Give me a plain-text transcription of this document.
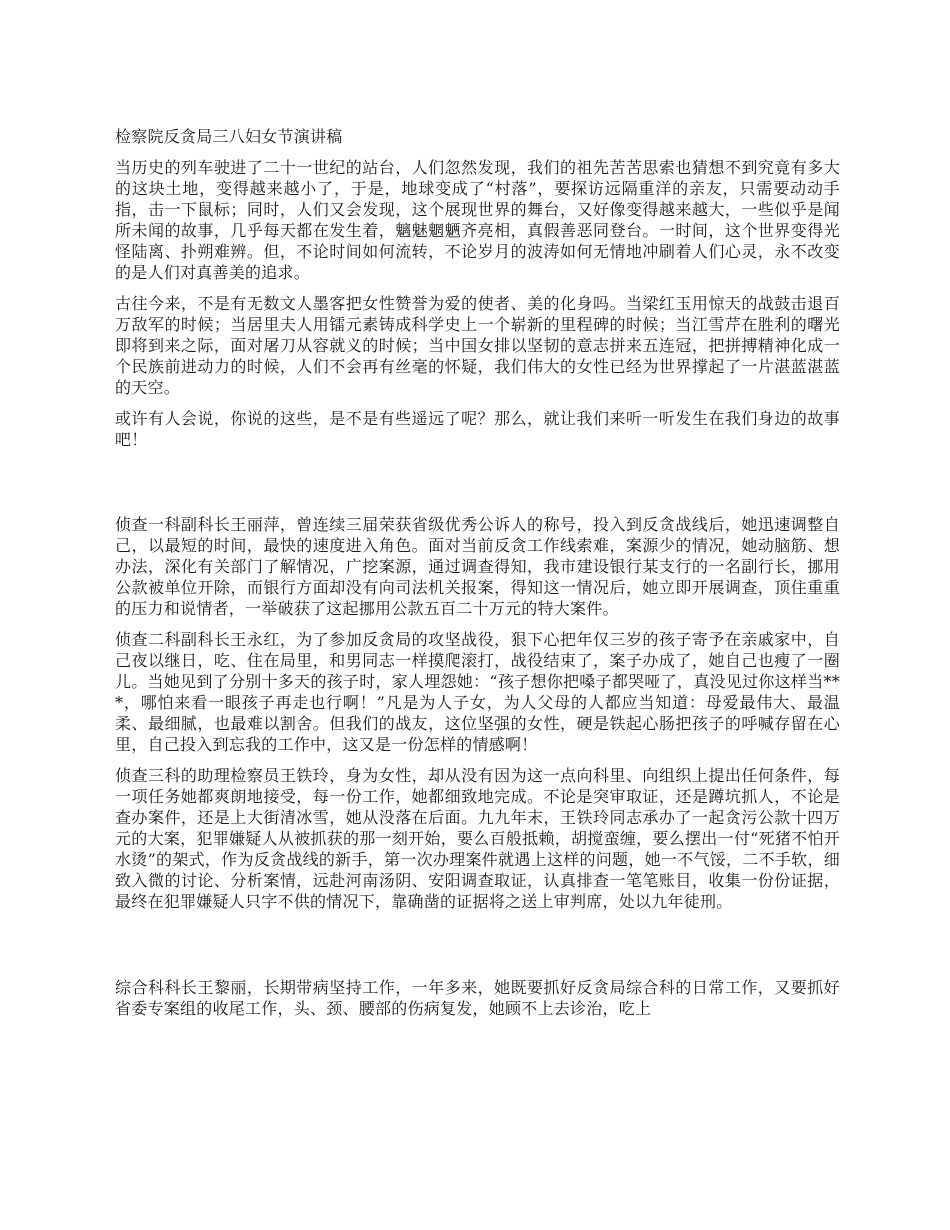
检察院反贪局三八妇女节演讲稿

当历史的列车驶进了二十一世纪的站台，人们忽然发现，我们的祖先苦苦思索也猜想不到究竟有多大的这块土地，变得越来越小了，于是，地球变成了“村落”，要探访远隔重洋的亲友，只需要动动手指，击一下鼠标；同时，人们又会发现，这个展现世界的舞台，又好像变得越来越大，一些似乎是闻所未闻的故事，几乎每天都在发生着，魑魅魍魉齐亮相，真假善恶同登台。一时间，这个世界变得光怪陆离、扑朔难辨。但，不论时间如何流转，不论岁月的波涛如何无情地冲刷着人们心灵，永不改变的是人们对真善美的追求。

古往今来，不是有无数文人墨客把女性赞誉为爱的使者、美的化身吗。当梁红玉用惊天的战鼓击退百万敌军的时候；当居里夫人用镭元素铸成科学史上一个崭新的里程碑的时候；当江雪芹在胜利的曙光即将到来之际，面对屠刀从容就义的时候；当中国女排以坚韧的意志拼来五连冠，把拼搏精神化成一个民族前进动力的时候，人们不会再有丝毫的怀疑，我们伟大的女性已经为世界撑起了一片湛蓝湛蓝的天空。

或许有人会说，你说的这些，是不是有些遥远了呢？那么，就让我们来听一听发生在我们身边的故事吧！

侦查一科副科长王丽萍，曾连续三届荣获省级优秀公诉人的称号，投入到反贪战线后，她迅速调整自己，以最短的时间，最快的速度进入角色。面对当前反贪工作线索难，案源少的情况，她动脑筋、想办法，深化有关部门了解情况，广挖案源，通过调查得知，我市建设银行某支行的一名副行长，挪用公款被单位开除，而银行方面却没有向司法机关报案，得知这一情况后，她立即开展调查，顶住重重的压力和说情者，一举破获了这起挪用公款五百二十万元的特大案件。

侦查二科副科长王永红，为了参加反贪局的攻坚战役，狠下心把年仅三岁的孩子寄予在亲戚家中，自己夜以继日，吃、住在局里，和男同志一样摸爬滚打，战役结束了，案子办成了，她自己也瘦了一圈儿。当她见到了分别十多天的孩子时，家人埋怨她：“孩子想你把嗓子都哭哑了，真没见过你这样当***，哪怕来看一眼孩子再走也行啊！”凡是为人子女，为人父母的人都应当知道：母爱最伟大、最温柔、最细腻，也最难以割舍。但我们的战友，这位坚强的女性，硬是铁起心肠把孩子的呼喊存留在心里，自己投入到忘我的工作中，这又是一份怎样的情感啊！

侦查三科的助理检察员王铁玲，身为女性，却从没有因为这一点向科里、向组织上提出任何条件，每一项任务她都爽朗地接受，每一份工作，她都细致地完成。不论是突审取证，还是蹲坑抓人，不论是查办案件，还是上大街清冰雪，她从没落在后面。九九年末，王铁玲同志承办了一起贪污公款十四万元的大案，犯罪嫌疑人从被抓获的那一刻开始，要么百般抵赖，胡搅蛮缠，要么摆出一付“死猪不怕开水烫”的架式，作为反贪战线的新手，第一次办理案件就遇上这样的问题，她一不气馁，二不手软，细致入微的讨论、分析案情，远赴河南汤阴、安阳调查取证，认真排查一笔笔账目，收集一份份证据，最终在犯罪嫌疑人只字不供的情况下，靠确凿的证据将之送上审判席，处以九年徒刑。

综合科科长王黎丽，长期带病坚持工作，一年多来，她既要抓好反贪局综合科的日常工作，又要抓好省委专案组的收尾工作，头、颈、腰部的伤病复发，她顾不上去诊治，吃上
